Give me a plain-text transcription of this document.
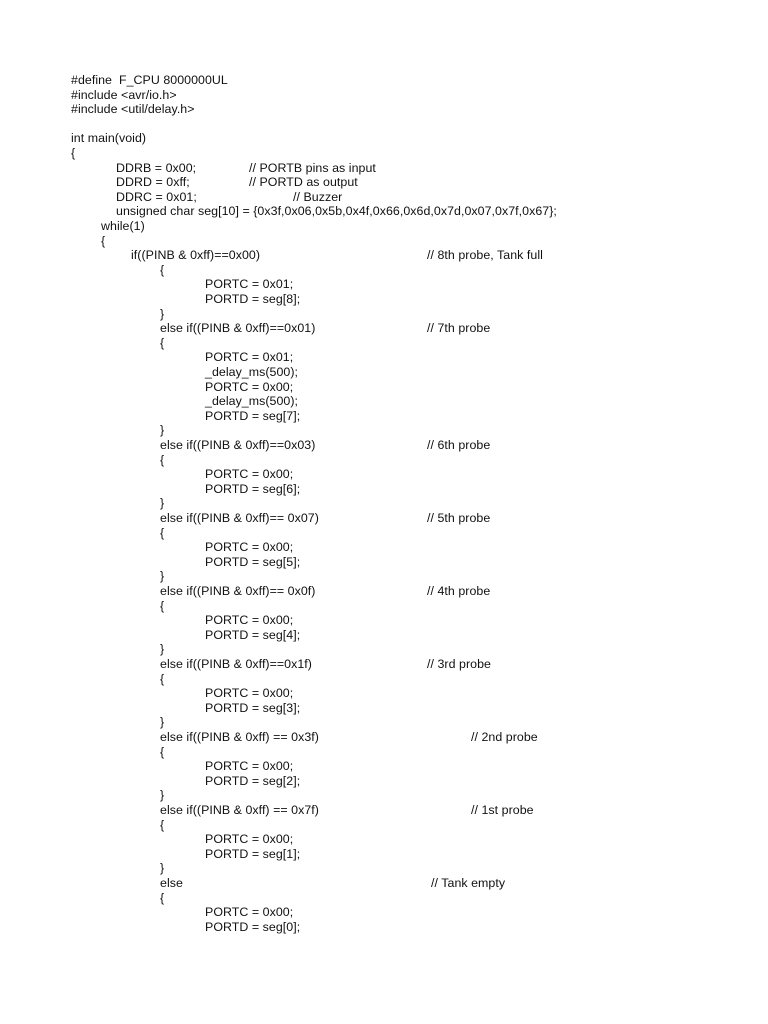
#define  F_CPU 8000000UL
#include <avr/io.h>
#include <util/delay.h>
int main(void)
{
DDRB = 0x00;	// PORTB pins as input
DDRD = 0xff;	// PORTD as output
DDRC = 0x01;	// Buzzer
unsigned char seg[10] = {0x3f,0x06,0x5b,0x4f,0x66,0x6d,0x7d,0x07,0x7f,0x67};
while(1)
{
if((PINB & 0xff)==0x00)	// 8th probe, Tank full
{
PORTC = 0x01;
PORTD = seg[8];
}
else if((PINB & 0xff)==0x01)	// 7th probe
{
PORTC = 0x01;
_delay_ms(500);
PORTC = 0x00;
_delay_ms(500);
PORTD = seg[7];
}
else if((PINB & 0xff)==0x03)	// 6th probe
{
PORTC = 0x00;
PORTD = seg[6];
}
else if((PINB & 0xff)== 0x07)	// 5th probe
{
PORTC = 0x00;
PORTD = seg[5];
}
else if((PINB & 0xff)== 0x0f)	// 4th probe
{
PORTC = 0x00;
PORTD = seg[4];
}
else if((PINB & 0xff)==0x1f)	// 3rd probe
{
PORTC = 0x00;
PORTD = seg[3];
}
else if((PINB & 0xff) == 0x3f)	// 2nd probe
{
PORTC = 0x00;
PORTD = seg[2];
}
else if((PINB & 0xff) == 0x7f)	// 1st probe
{
PORTC = 0x00;
PORTD = seg[1];
}
else	// Tank empty
{
PORTC = 0x00;
PORTD = seg[0];
